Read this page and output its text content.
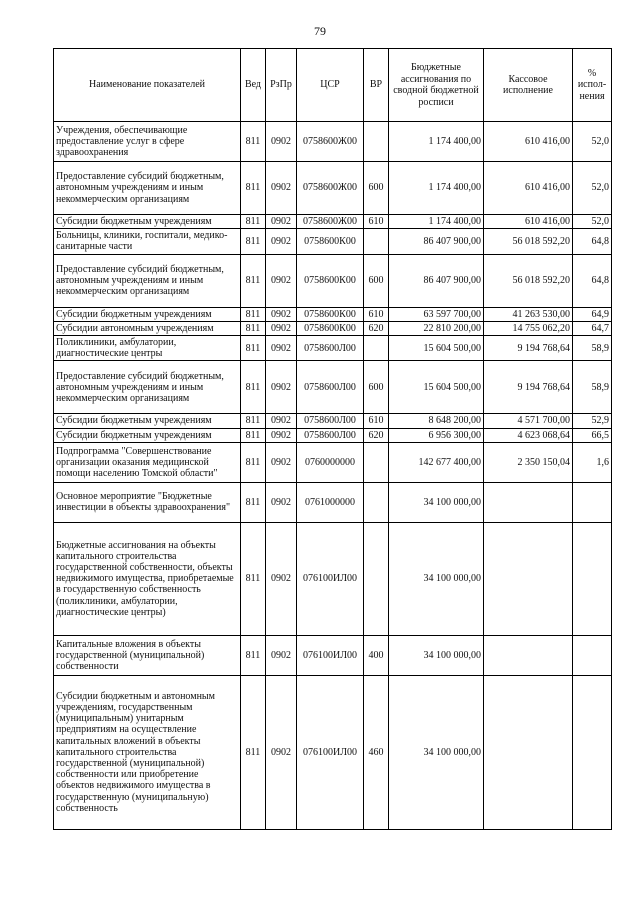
79
Наименование показателей	Вед	РзПр	ЦСР	ВР	Бюджетные ассигнования по сводной бюджетной росписи	Кассовое исполнение	% испол-нения
Учреждения, обеспечивающие предоставление услуг в сфере здравоохранения	811	0902	0758600Ж00		1 174 400,00	610 416,00	52,0
Предоставление субсидий бюджетным, автономным учреждениям и иным некоммерческим организациям	811	0902	0758600Ж00	600	1 174 400,00	610 416,00	52,0
Субсидии бюджетным учреждениям	811	0902	0758600Ж00	610	1 174 400,00	610 416,00	52,0
Больницы, клиники, госпитали, медико-санитарные части	811	0902	0758600К00		86 407 900,00	56 018 592,20	64,8
Предоставление субсидий бюджетным, автономным учреждениям и иным некоммерческим организациям	811	0902	0758600К00	600	86 407 900,00	56 018 592,20	64,8
Субсидии бюджетным учреждениям	811	0902	0758600К00	610	63 597 700,00	41 263 530,00	64,9
Субсидии автономным учреждениям	811	0902	0758600К00	620	22 810 200,00	14 755 062,20	64,7
Поликлиники, амбулатории, диагностические центры	811	0902	0758600Л00		15 604 500,00	9 194 768,64	58,9
Предоставление субсидий бюджетным, автономным учреждениям и иным некоммерческим организациям	811	0902	0758600Л00	600	15 604 500,00	9 194 768,64	58,9
Субсидии бюджетным учреждениям	811	0902	0758600Л00	610	8 648 200,00	4 571 700,00	52,9
Субсидии бюджетным учреждениям	811	0902	0758600Л00	620	6 956 300,00	4 623 068,64	66,5
Подпрограмма "Совершенствование организации оказания медицинской помощи населению Томской области"	811	0902	0760000000		142 677 400,00	2 350 150,04	1,6
Основное мероприятие "Бюджетные инвестиции в объекты здравоохранения"	811	0902	0761000000		34 100 000,00		
Бюджетные ассигнования на объекты капитального строительства государственной собственности, объекты недвижимого имущества, приобретаемые в государственную собственность (поликлиники, амбулатории, диагностические центры)	811	0902	076100ИЛ00		34 100 000,00		
Капитальные вложения в объекты государственной (муниципальной) собственности	811	0902	076100ИЛ00	400	34 100 000,00		
Субсидии бюджетным и автономным учреждениям, государственным (муниципальным) унитарным предприятиям на осуществление капитальных вложений в объекты капитального строительства государственной (муниципальной) собственности или приобретение объектов недвижимого имущества в государственную (муниципальную) собственность	811	0902	076100ИЛ00	460	34 100 000,00		
